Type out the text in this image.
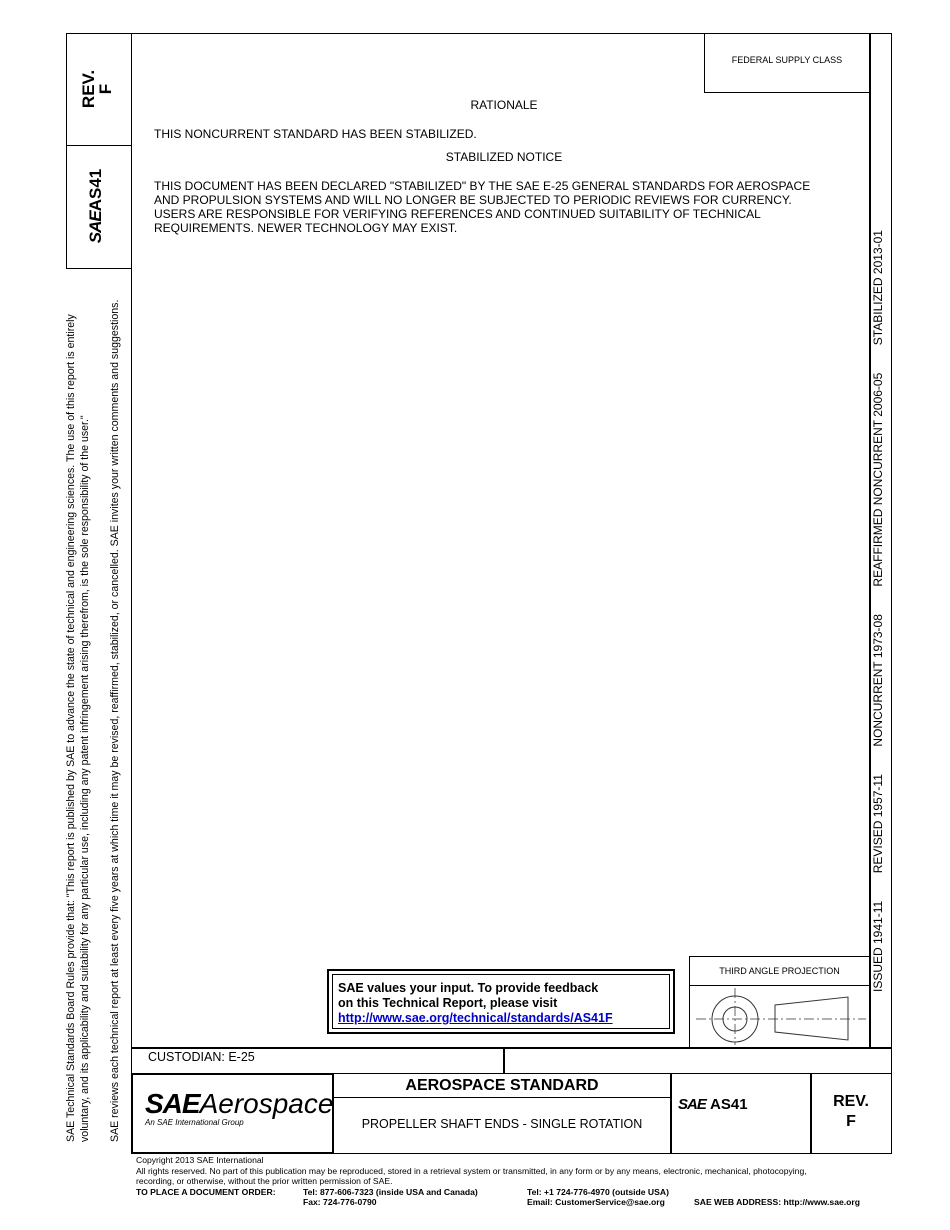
REV.
F
SAEAS41
SAE Technical Standards Board Rules provide that: "This report is published by SAE to advance the state of technical and engineering sciences. The use of this report is entirely voluntary, and its applicability and suitability for any particular use, including any patent infringement arising therefrom, is the sole responsibility of the user." SAE reviews each technical report at least every five years at which time it may be revised, reaffirmed, stabilized, or cancelled. SAE invites your written comments and suggestions.	ISSUED 1941-11
REVISED 1957-11
NONCURRENT 1973-08
REAFFIRMED NONCURRENT 2006-05
STABILIZED 2013-01
FEDERAL SUPPLY CLASS

RATIONALE

THIS NONCURRENT STANDARD HAS BEEN STABILIZED.

STABILIZED NOTICE

THIS DOCUMENT HAS BEEN DECLARED "STABILIZED" BY THE SAE E-25 GENERAL STANDARDS FOR AEROSPACE

AND PROPULSION SYSTEMS AND WILL NO LONGER BE SUBJECTED TO PERIODIC REVIEWS FOR CURRENCY.

USERS ARE RESPONSIBLE FOR VERIFYING REFERENCES AND CONTINUED SUITABILITY OF TECHNICAL

REQUIREMENTS. NEWER TECHNOLOGY MAY EXIST.

SAE values your input. To provide feedback
on this Technical Report, please visit
http://www.sae.org/technical/standards/AS41F
THIRD ANGLE PROJECTION
CUSTODIAN: E-25
SAEAerospace
An SAE International Group
AEROSPACE STANDARD
PROPELLER SHAFT ENDS - SINGLE ROTATION
SAE AS41	REV.
F
Copyright 2013 SAE International
All rights reserved. No part of this publication may be reproduced, stored in a retrieval system or transmitted, in any form or by any means, electronic, mechanical, photocopying,
recording, or otherwise, without the prior written permission of SAE.
TO PLACE A DOCUMENT ORDER:	Tel: 877-606-7323 (inside USA and Canada)
Fax: 724-776-0790
Tel: +1 724-776-4970 (outside USA)
Email: CustomerService@sae.org	SAE WEB ADDRESS: http://www.sae.org
